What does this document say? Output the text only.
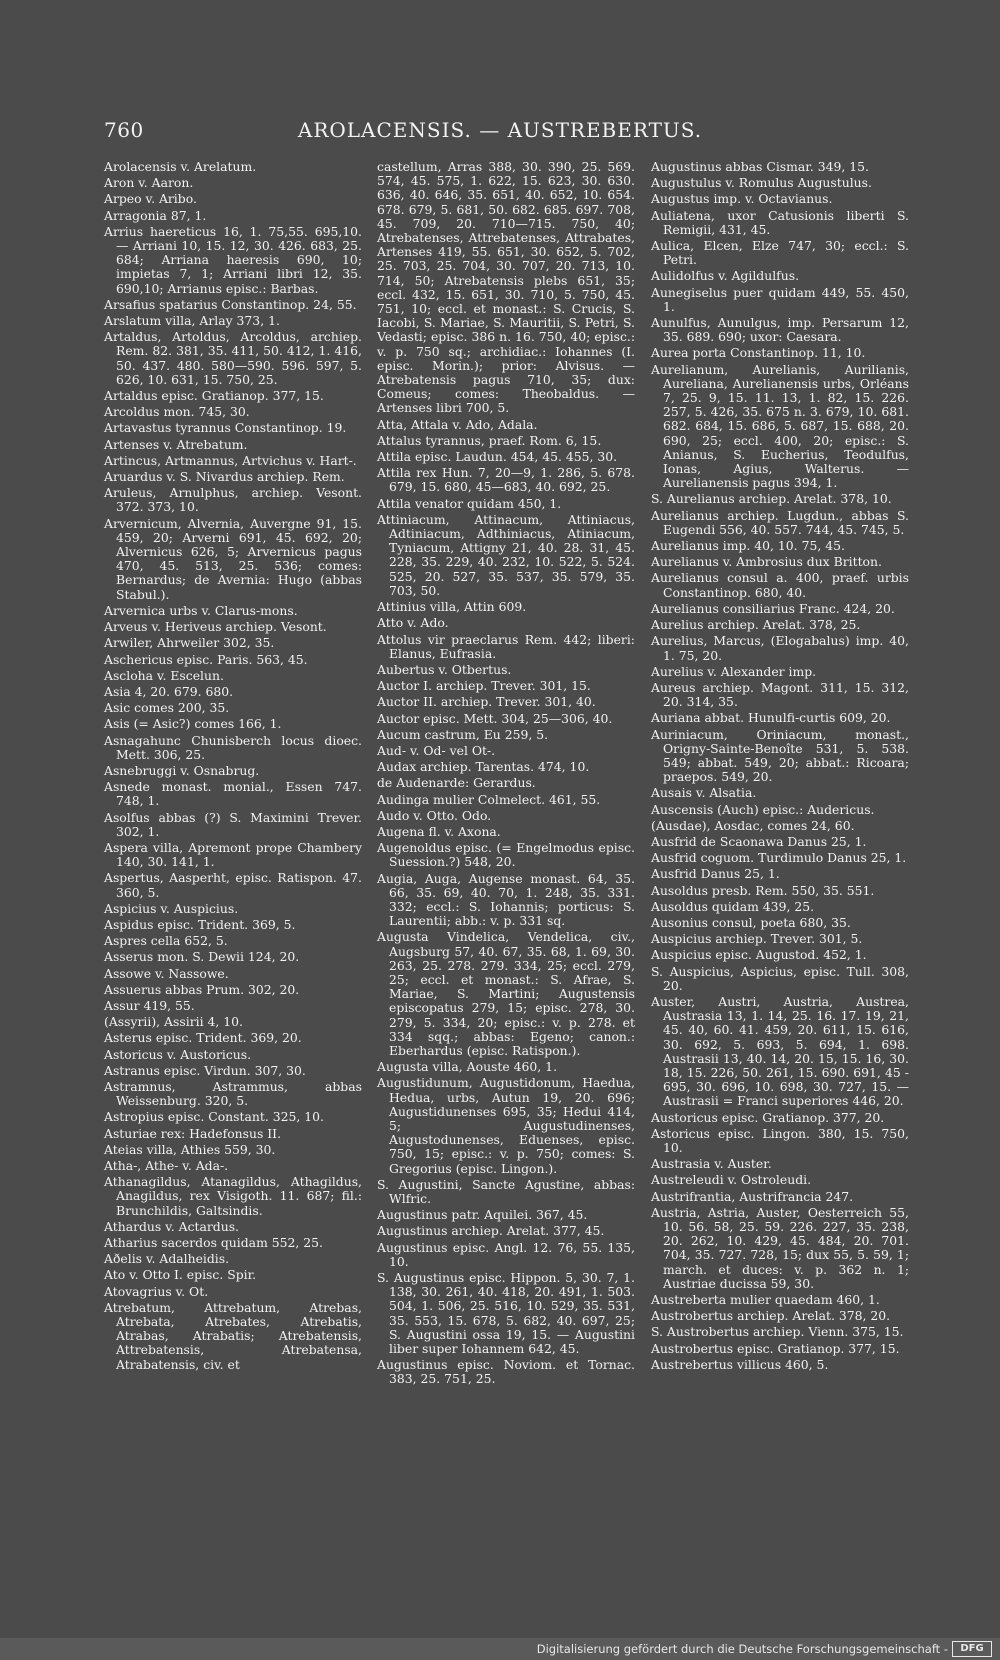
760	AROLACENSIS. — AUSTREBERTUS.
Arolacensis v. Arelatum.
Aron v. Aaron.
Arpeo v. Aribo.
Arragonia 87, 1.
Arrius haereticus 16, 1. 75,55. 695,10. — Arriani 10, 15. 12, 30. 426. 683, 25. 684; Arriana haeresis 690, 10; impietas 7, 1; Arriani libri 12, 35. 690,10; Arrianus episc.: Barbas.
Arsafius spatarius Constantinop. 24, 55.
Arslatum villa, Arlay 373, 1.
Artaldus, Artoldus, Arcoldus, archiep. Rem. 82. 381, 35. 411, 50. 412, 1. 416, 50. 437. 480. 580—590. 596. 597, 5. 626, 10. 631, 15. 750, 25.
Artaldus episc. Gratianop. 377, 15.
Arcoldus mon. 745, 30.
Artavastus tyrannus Constantinop. 19.
Artenses v. Atrebatum.
Artincus, Artmannus, Artvichus v. Hart-.
Aruardus v. S. Nivardus archiep. Rem.
Aruleus, Arnulphus, archiep. Vesont. 372. 373, 10.
Arvernicum, Alvernia, Auvergne 91, 15. 459, 20; Arverni 691, 45. 692, 20; Alvernicus 626, 5; Arvernicus pagus 470, 45. 513, 25. 536; comes: Bernardus; de Avernia: Hugo (abbas Stabul.).
Arvernica urbs v. Clarus-mons.
Arveus v. Heriveus archiep. Vesont.
Arwiler, Ahrweiler 302, 35.
Aschericus episc. Paris. 563, 45.
Ascloha v. Escelun.
Asia 4, 20. 679. 680.
Asic comes 200, 35.
Asis (= Asic?) comes 166, 1.
Asnagahunc Chunisberch locus dioec. Mett. 306, 25.
Asnebruggi v. Osnabrug.
Asnede monast. monial., Essen 747. 748, 1.
Asolfus abbas (?) S. Maximini Trever. 302, 1.
Aspera villa, Apremont prope Chambery 140, 30. 141, 1.
Aspertus, Aasperht, episc. Ratispon. 47. 360, 5.
Aspicius v. Auspicius.
Aspidus episc. Trident. 369, 5.
Aspres cella 652, 5.
Asserus mon. S. Dewii 124, 20.
Assowe v. Nassowe.
Assuerus abbas Prum. 302, 20.
Assur 419, 55.
(Assyrii), Assirii 4, 10.
Asterus episc. Trident. 369, 20.
Astoricus v. Austoricus.
Astranus episc. Virdun. 307, 30.
Astramnus, Astrammus, abbas Weissenburg. 320, 5.
Astropius episc. Constant. 325, 10.
Asturiae rex: Hadefonsus II.
Ateias villa, Athies 559, 30.
Atha-, Athe- v. Ada-.
Athanagildus, Atanagildus, Athagildus, Anagildus, rex Visigoth. 11. 687; fil.: Brunchildis, Galtsindis.
Athardus v. Actardus.
Atharius sacerdos quidam 552, 25.
Aðelis v. Adalheidis.
Ato v. Otto I. episc. Spir.
Atovagrius v. Ot.
Atrebatum, Attrebatum, Atrebas, Atrebata, Atrebates, Atrebatis, Atrabas, Atrabatis; Atrebatensis, Attrebatensis, Atrebatensa, Atrabatensis, civ. et
castellum, Arras 388, 30. 390, 25. 569. 574, 45. 575, 1. 622, 15. 623, 30. 630. 636, 40. 646, 35. 651, 40. 652, 10. 654. 678. 679, 5. 681, 50. 682. 685. 697. 708, 45. 709, 20. 710—715. 750, 40; Atrebatenses, Attrebatenses, Attrabates, Artenses 419, 55. 651, 30. 652, 5. 702, 25. 703, 25. 704, 30. 707, 20. 713, 10. 714, 50; Atrebatensis plebs 651, 35; eccl. 432, 15. 651, 30. 710, 5. 750, 45. 751, 10; eccl. et monast.: S. Crucis, S. Iacobi, S. Mariae, S. Mauritii, S. Petri, S. Vedasti; episc. 386 n. 16. 750, 40; episc.: v. p. 750 sq.; archidiac.: Iohannes (I. episc. Morin.); prior: Alvisus. — Atrebatensis pagus 710, 35; dux: Comeus; comes: Theobaldus. — Artenses libri 700, 5.
Atta, Attala v. Ado, Adala.
Attalus tyrannus, praef. Rom. 6, 15.
Attila episc. Laudun. 454, 45. 455, 30.
Attila rex Hun. 7, 20—9, 1. 286, 5. 678. 679, 15. 680, 45—683, 40. 692, 25.
Attila venator quidam 450, 1.
Attiniacum, Attinacum, Attiniacus, Adtiniacum, Adthiniacus, Atiniacum, Tyniacum, Attigny 21, 40. 28. 31, 45. 228, 35. 229, 40. 232, 10. 522, 5. 524. 525, 20. 527, 35. 537, 35. 579, 35. 703, 50.
Attinius villa, Attin 609.
Atto v. Ado.
Attolus vir praeclarus Rem. 442; liberi: Elanus, Eufrasia.
Aubertus v. Otbertus.
Auctor I. archiep. Trever. 301, 15.
Auctor II. archiep. Trever. 301, 40.
Auctor episc. Mett. 304, 25—306, 40.
Aucum castrum, Eu 259, 5.
Aud- v. Od- vel Ot-.
Audax archiep. Tarentas. 474, 10.
de Audenarde: Gerardus.
Audinga mulier Colmelect. 461, 55.
Audo v. Otto. Odo.
Augena fl. v. Axona.
Augenoldus episc. (= Engelmodus episc. Suession.?) 548, 20.
Augia, Auga, Augense monast. 64, 35. 66, 35. 69, 40. 70, 1. 248, 35. 331. 332; eccl.: S. Iohannis; porticus: S. Laurentii; abb.: v. p. 331 sq.
Augusta Vindelica, Vendelica, civ., Augsburg 57, 40. 67, 35. 68, 1. 69, 30. 263, 25. 278. 279. 334, 25; eccl. 279, 25; eccl. et monast.: S. Afrae, S. Mariae, S. Martini; Augustensis episcopatus 279, 15; episc. 278, 30. 279, 5. 334, 20; episc.: v. p. 278. et 334 sqq.; abbas: Egeno; canon.: Eberhardus (episc. Ratispon.).
Augusta villa, Aouste 460, 1.
Augustidunum, Augustidonum, Haedua, Hedua, urbs, Autun 19, 20. 696; Augustidunenses 695, 35; Hedui 414, 5; Augustudinenses, Augustodunenses, Eduenses, episc. 750, 15; episc.: v. p. 750; comes: S. Gregorius (episc. Lingon.).
S. Augustini, Sancte Agustine, abbas: Wlfric.
Augustinus patr. Aquilei. 367, 45.
Augustinus archiep. Arelat. 377, 45.
Augustinus episc. Angl. 12. 76, 55. 135, 10.
S. Augustinus episc. Hippon. 5, 30. 7, 1. 138, 30. 261, 40. 418, 20. 491, 1. 503. 504, 1. 506, 25. 516, 10. 529, 35. 531, 35. 553, 15. 678, 5. 682, 40. 697, 25; S. Augustini ossa 19, 15. — Augustini liber super Iohannem 642, 45.
Augustinus episc. Noviom. et Tornac. 383, 25. 751, 25.
Augustinus abbas Cismar. 349, 15.
Augustulus v. Romulus Augustulus.
Augustus imp. v. Octavianus.
Auliatena, uxor Catusionis liberti S. Remigii, 431, 45.
Aulica, Elcen, Elze 747, 30; eccl.: S. Petri.
Aulidolfus v. Agildulfus.
Aunegiselus puer quidam 449, 55. 450, 1.
Aunulfus, Aunulgus, imp. Persarum 12, 35. 689. 690; uxor: Caesara.
Aurea porta Constantinop. 11, 10.
Aurelianum, Aurelianis, Aurilianis, Aureliana, Aurelianensis urbs, Orléans 7, 25. 9, 15. 11. 13, 1. 82, 15. 226. 257, 5. 426, 35. 675 n. 3. 679, 10. 681. 682. 684, 15. 686, 5. 687, 15. 688, 20. 690, 25; eccl. 400, 20; episc.: S. Anianus, S. Eucherius, Teodulfus, Ionas, Agius, Walterus. — Aurelianensis pagus 394, 1.
S. Aurelianus archiep. Arelat. 378, 10.
Aurelianus archiep. Lugdun., abbas S. Eugendi 556, 40. 557. 744, 45. 745, 5.
Aurelianus imp. 40, 10. 75, 45.
Aurelianus v. Ambrosius dux Britton.
Aurelianus consul a. 400, praef. urbis Constantinop. 680, 40.
Aurelianus consiliarius Franc. 424, 20.
Aurelius archiep. Arelat. 378, 25.
Aurelius, Marcus, (Elogabalus) imp. 40, 1. 75, 20.
Aurelius v. Alexander imp.
Aureus archiep. Magont. 311, 15. 312, 20. 314, 35.
Auriana abbat. Hunulfi-curtis 609, 20.
Auriniacum, Oriniacum, monast., Origny-Sainte-Benoîte 531, 5. 538. 549; abbat. 549, 20; abbat.: Ricoara; praepos. 549, 20.
Ausais v. Alsatia.
Auscensis (Auch) episc.: Audericus.
(Ausdae), Aosdac, comes 24, 60.
Ausfrid de Scaonawa Danus 25, 1.
Ausfrid coguom. Turdimulo Danus 25, 1.
Ausfrid Danus 25, 1.
Ausoldus presb. Rem. 550, 35. 551.
Ausoldus quidam 439, 25.
Ausonius consul, poeta 680, 35.
Auspicius archiep. Trever. 301, 5.
Auspicius episc. Augustod. 452, 1.
S. Auspicius, Aspicius, episc. Tull. 308, 20.
Auster, Austri, Austria, Austrea, Austrasia 13, 1. 14, 25. 16. 17. 19, 21, 45. 40, 60. 41. 459, 20. 611, 15. 616, 30. 692, 5. 693, 5. 694, 1. 698. Austrasii 13, 40. 14, 20. 15, 15. 16, 30. 18, 15. 226, 50. 261, 15. 690. 691, 45 - 695, 30. 696, 10. 698, 30. 727, 15. — Austrasii = Franci superiores 446, 20.
Austoricus episc. Gratianop. 377, 20.
Astoricus episc. Lingon. 380, 15. 750, 10.
Austrasia v. Auster.
Austreleudi v. Ostroleudi.
Austrifrantia, Austrifrancia 247.
Austria, Astria, Auster, Oesterreich 55, 10. 56. 58, 25. 59. 226. 227, 35. 238, 20. 262, 10. 429, 45. 484, 20. 701. 704, 35. 727. 728, 15; dux 55, 5. 59, 1; march. et duces: v. p. 362 n. 1; Austriae ducissa 59, 30.
Austreberta mulier quaedam 460, 1.
Austrobertus archiep. Arelat. 378, 20.
S. Austrobertus archiep. Vienn. 375, 15.
Austrobertus episc. Gratianop. 377, 15.
Austrebertus villicus 460, 5.
Digitalisierung gefördert durch die Deutsche Forschungsgemeinschaft -	DFG
